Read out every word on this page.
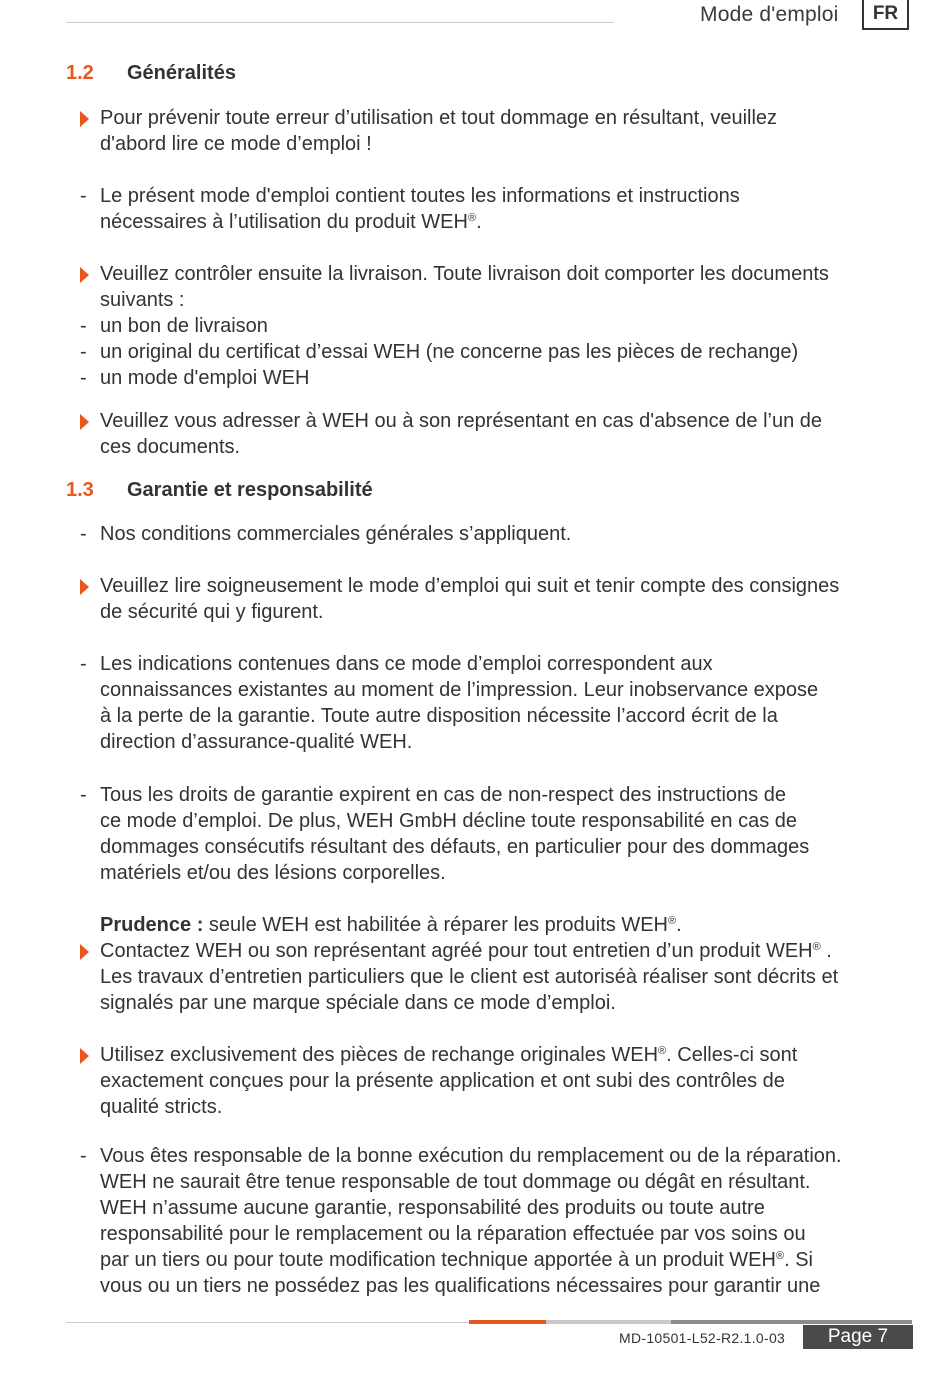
Mode d'emploi	FR
1.2 Généralités
Pour prévenir toute erreur d’utilisation et tout dommage en résultant, veuillez
d'abord lire ce mode d’emploi !
- Le présent mode d'emploi contient toutes les informations et instructions
nécessaires à l’utilisation du produit WEH®.
Veuillez contrôler ensuite la livraison. Toute livraison doit comporter les documents
suivants :
- un bon de livraison
- un original du certificat d’essai WEH (ne concerne pas les pièces de rechange)
- un mode d'emploi WEH
Veuillez vous adresser à WEH ou à son représentant en cas d'absence de l’un de
ces documents.
1.3 Garantie et responsabilité
- Nos conditions commerciales générales s’appliquent.
Veuillez lire soigneusement le mode d’emploi qui suit et tenir compte des consignes
de sécurité qui y figurent.
- Les indications contenues dans ce mode d’emploi correspondent aux
connaissances existantes au moment de l’impression. Leur inobservance expose
à la perte de la garantie. Toute autre disposition nécessite l’accord écrit de la
direction d’assurance-qualité WEH.
- Tous les droits de garantie expirent en cas de non-respect des instructions de
ce mode d’emploi. De plus, WEH GmbH décline toute responsabilité en cas de
dommages consécutifs résultant des défauts, en particulier pour des dommages
matériels et/ou des lésions corporelles.
Prudence : seule WEH est habilitée à réparer les produits WEH®.
Contactez WEH ou son représentant agréé pour tout entretien d’un produit WEH® .
Les travaux d’entretien particuliers que le client est autoriséà réaliser sont décrits et
signalés par une marque spéciale dans ce mode d’emploi.
Utilisez exclusivement des pièces de rechange originales WEH®. Celles-ci sont
exactement conçues pour la présente application et ont subi des contrôles de
qualité stricts.
- Vous êtes responsable de la bonne exécution du remplacement ou de la réparation.
WEH ne saurait être tenue responsable de tout dommage ou dégât en résultant.
WEH n’assume aucune garantie, responsabilité des produits ou toute autre
responsabilité pour le remplacement ou la réparation effectuée par vos soins ou
par un tiers ou pour toute modification technique apportée à un produit WEH®. Si
vous ou un tiers ne possédez pas les qualifications nécessaires pour garantir une
MD-10501-L52-R2.1.0-03	Page 7
